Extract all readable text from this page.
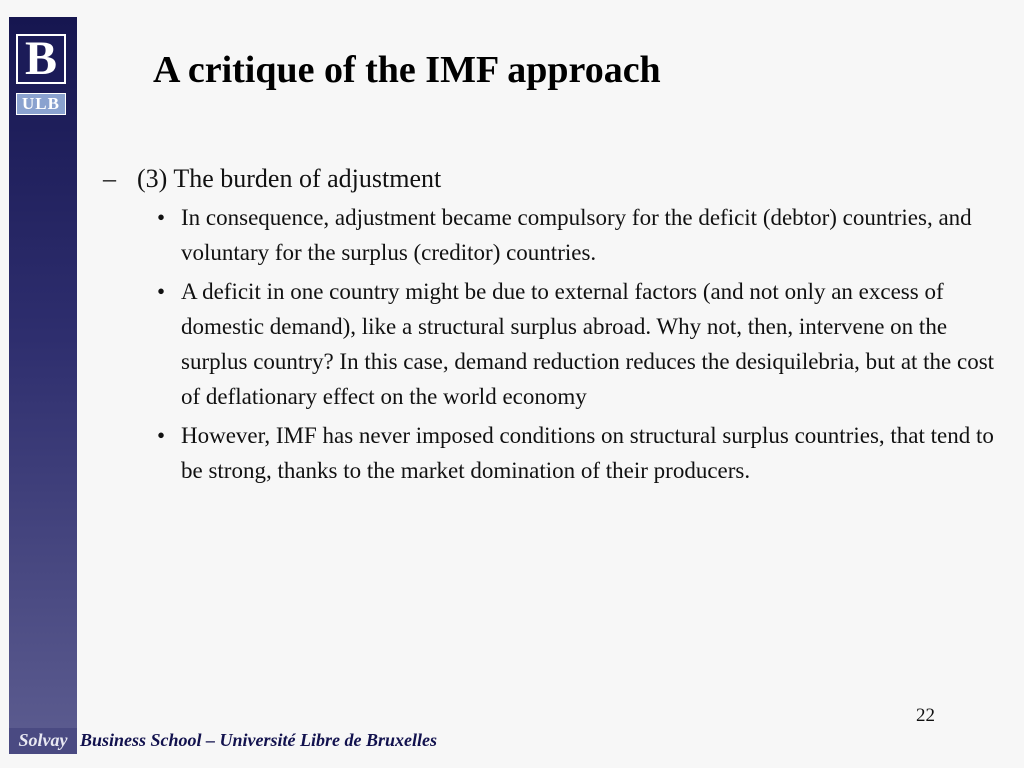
B
ULB
A critique of the IMF approach
– (3) The burden of adjustment
• In consequence, adjustment became compulsory for the deficit (debtor) countries, and voluntary for the surplus (creditor) countries.
• A deficit in one country might be due to external factors (and not only an excess of domestic demand), like a structural surplus abroad. Why not, then, intervene on the surplus country? In this case, demand reduction reduces the desiquilebria, but at the cost of deflationary effect on the world economy
• However, IMF has never imposed conditions on structural surplus countries, that tend to be strong, thanks to the market domination of their producers.
22
Solvay Business School – Université Libre de Bruxelles
